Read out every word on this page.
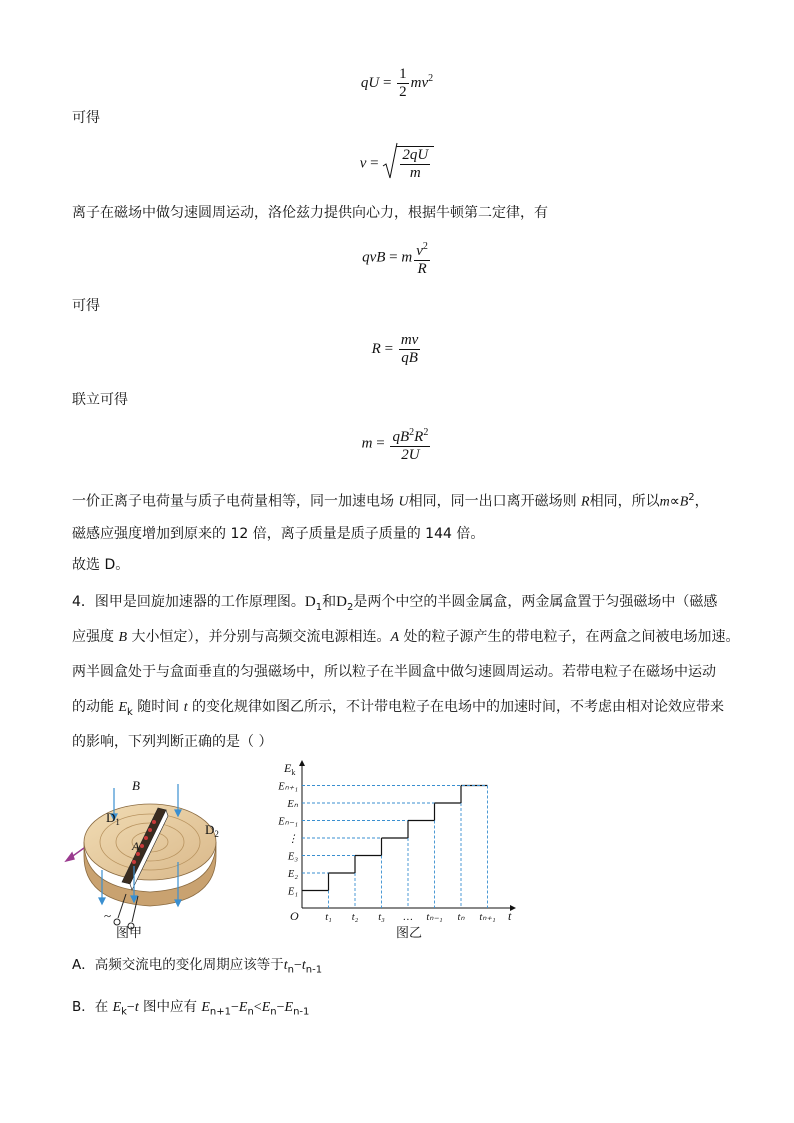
qU = $\frac{1}{2} mv^2$
可得
$v = \frac{2qU}{m}$
离子在磁场中做匀速圆周运动，洛伦兹力提供向心力，根据牛顿第二定律，有
qvB = m $\frac{v^2}{R}$
可得
$R = \frac{mv}{qB}$
联立可得
$m = \frac{qB^2R^2}{2U}$
一价正离子电荷量与质子电荷量相等，同一加速电场 U相同，同一出口离开磁场则 R相同，所以$m\propto B^2$，
磁感应强度增加到原来的 12 倍，离子质量是质子质量的 144 倍。
故选 D。
4．图甲是回旋加速器的工作原理图。$D_1$和$D_2$是两个中空的半圆金属盒，两金属盒置于匀强磁场中（磁感
应强度 B 大小恒定），并分别与高频交流电源相连。A 处的粒子源产生的带电粒子，在两盒之间被电场加速。
两半圆盒处于与盒面垂直的匀强磁场中，所以粒子在半圆盒中做匀速圆周运动。若带电粒子在磁场中运动
的动能 $E_k$ 随时间 t 的变化规律如图乙所示，不计带电粒子在电场中的加速时间，不考虑由相对论效应带来
的影响，下列判断正确的是（ ）
$D_1$	$D_2$
B
A
~
图甲
$E_k$
O	t
E₁
t₁
E₂
t₂
E₃
t₃
⋮
…
Eₙ₋₁
tₙ₋₁
Eₙ
tₙ
Eₙ₊₁
tₙ₊₁
图乙
A．高频交流电的变化周期应该等于$t_n-t_{n-1}$
B．在 $E_k-t$ 图中应有 $E_{n+1}-E_n<E_n-E_{n-1}$
